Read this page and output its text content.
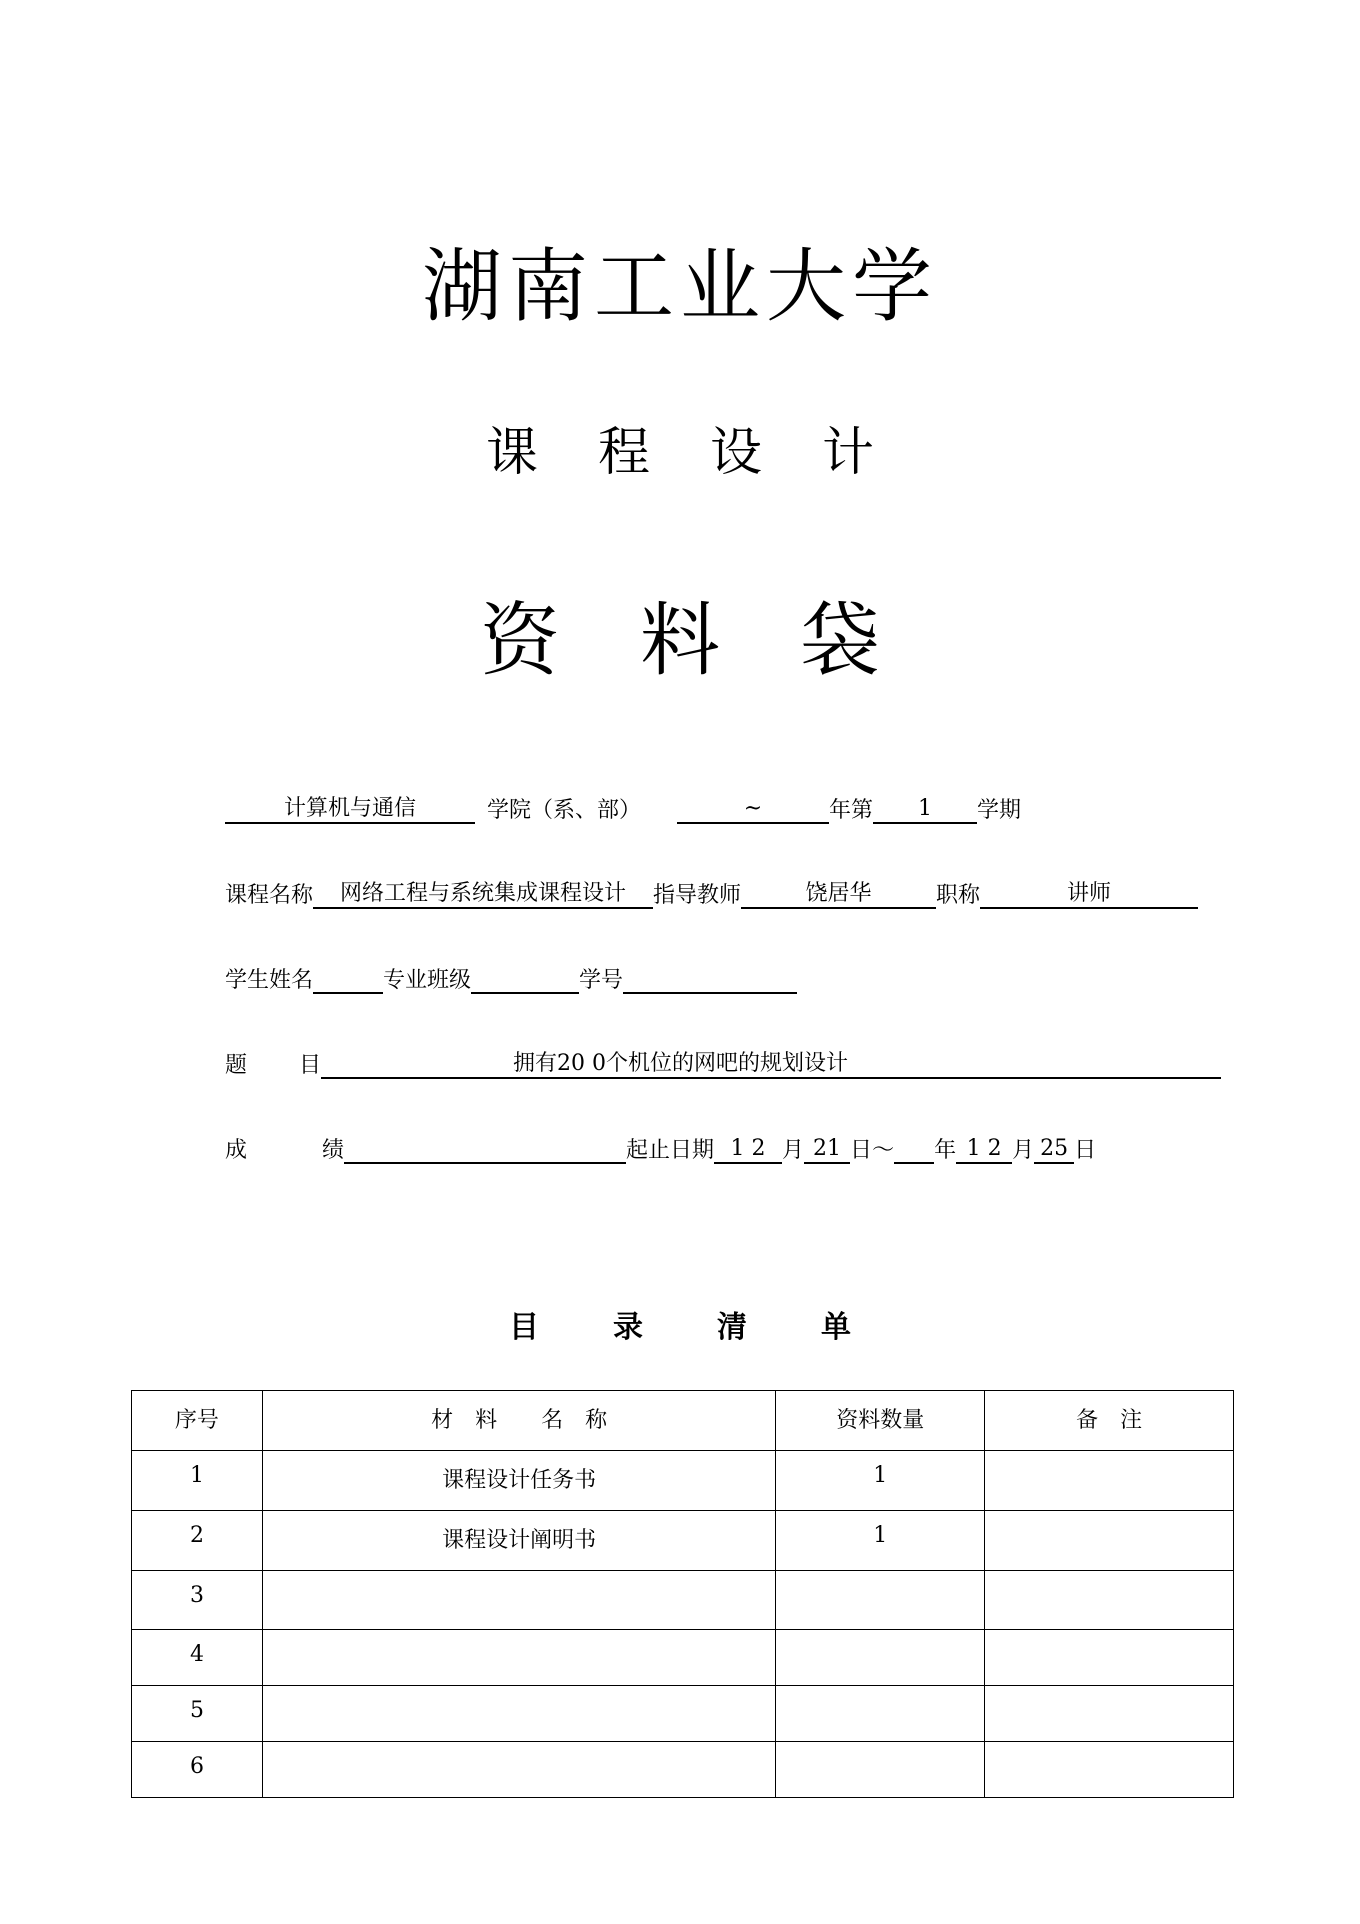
湖南工业大学
课程设计
资料袋
计算机与通信	学院（系、部）	~	年第 1 学期
课程名称 网络工程与系统集成课程设计 指导教师	饶居华	职称	讲师
学生姓名	专业班级	学号
题 目	拥有20 0个机位的网吧的规划设计
成	绩	起止日期 1 2 月 21 日～ 年 1 2 月 25 日
目录清单
序号	材　料　　名　称	资料数量	备　注
1	课程设计任务书	1	
2	课程设计阐明书	1	
3			
4			
5			
6			
